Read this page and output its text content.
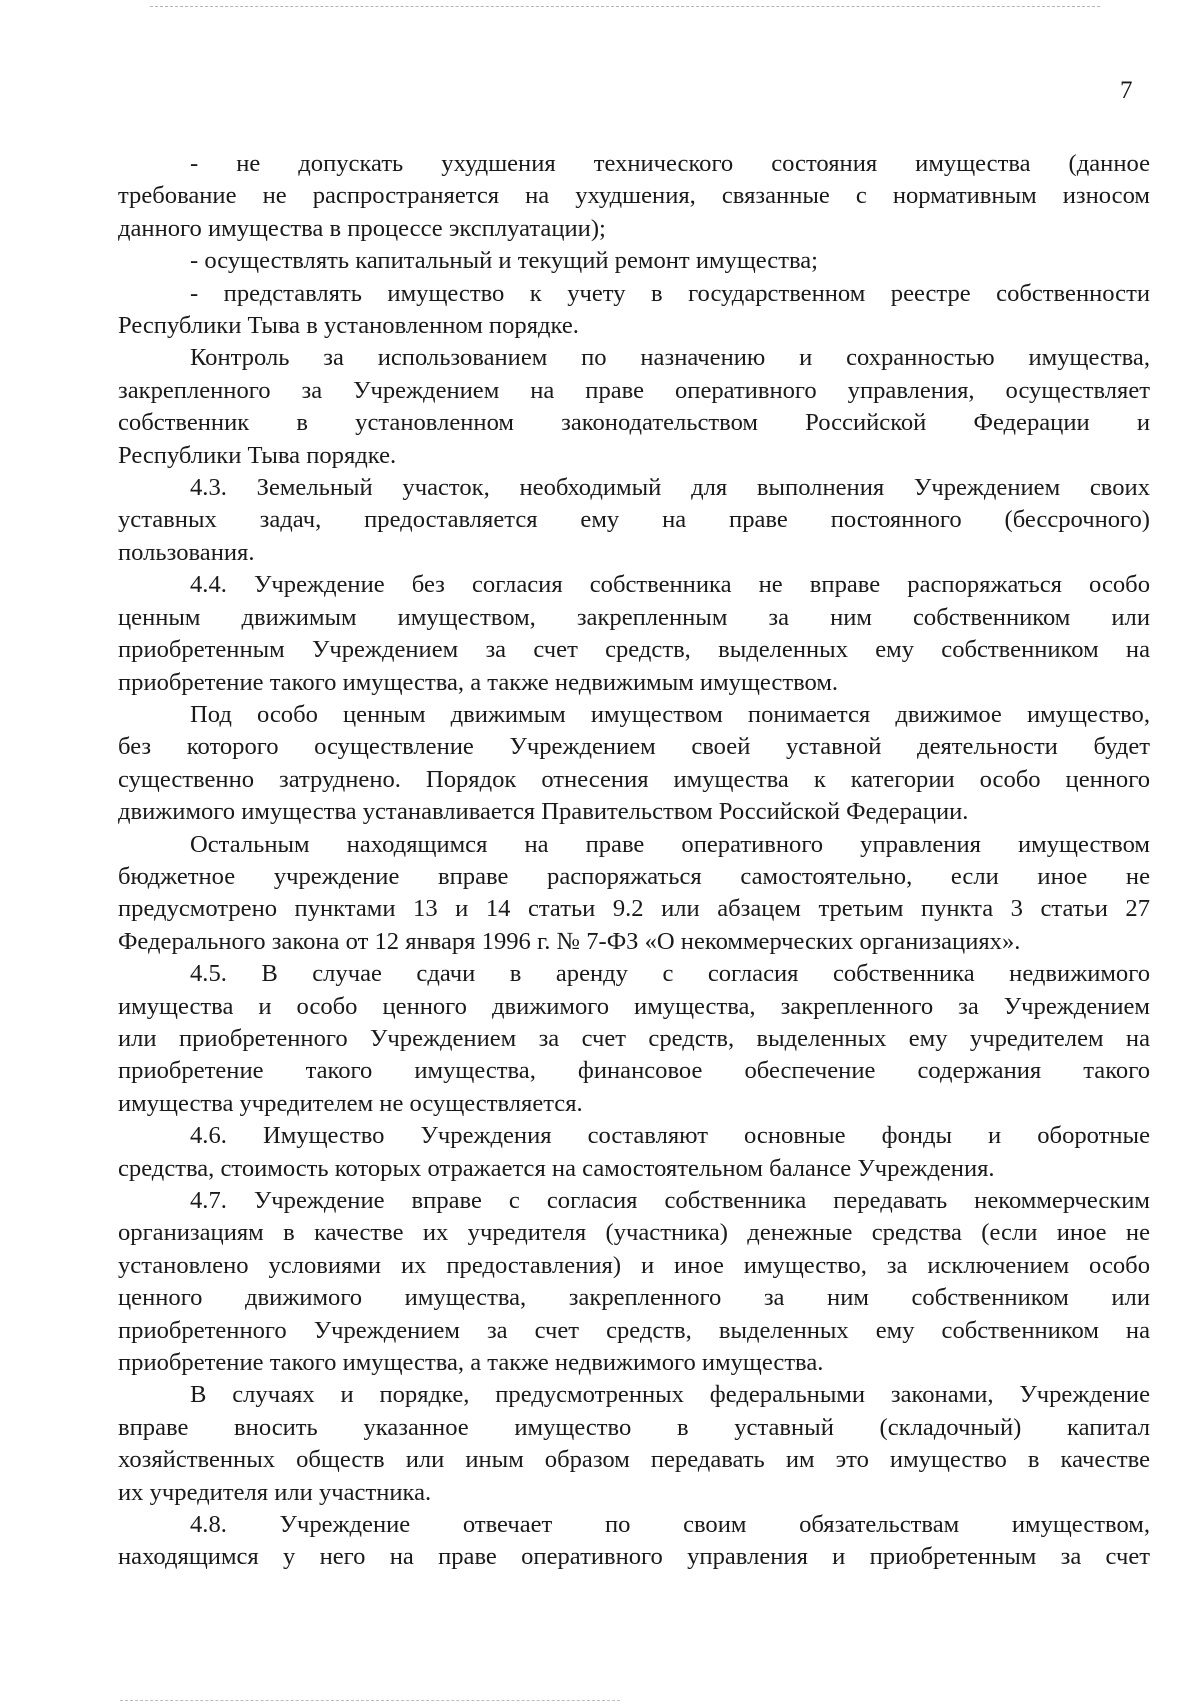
7

- не допускать ухудшения технического состояния имущества (данное
требование не распространяется на ухудшения, связанные с нормативным износом
данного имущества в процессе эксплуатации);

- осуществлять капитальный и текущий ремонт имущества;

- представлять имущество к учету в государственном реестре собственности
Республики Тыва в установленном порядке.

Контроль за использованием по назначению и сохранностью имущества,
закрепленного за Учреждением на праве оперативного управления, осуществляет
собственник в установленном законодательством Российской Федерации и
Республики Тыва порядке.

4.3. Земельный участок, необходимый для выполнения Учреждением своих
уставных задач, предоставляется ему на праве постоянного (бессрочного)
пользования.

4.4. Учреждение без согласия собственника не вправе распоряжаться особо
ценным движимым имуществом, закрепленным за ним собственником или
приобретенным Учреждением за счет средств, выделенных ему собственником на
приобретение такого имущества, а также недвижимым имуществом.

Под особо ценным движимым имуществом понимается движимое имущество,
без которого осуществление Учреждением своей уставной деятельности будет
существенно затруднено. Порядок отнесения имущества к категории особо ценного
движимого имущества устанавливается Правительством Российской Федерации.

Остальным находящимся на праве оперативного управления имуществом
бюджетное учреждение вправе распоряжаться самостоятельно, если иное не
предусмотрено пунктами 13 и 14 статьи 9.2 или абзацем третьим пункта 3 статьи 27
Федерального закона от 12 января 1996 г. № 7-ФЗ «О некоммерческих организациях».

4.5. В случае сдачи в аренду с согласия собственника недвижимого
имущества и особо ценного движимого имущества, закрепленного за Учреждением
или приобретенного Учреждением за счет средств, выделенных ему учредителем на
приобретение такого имущества, финансовое обеспечение содержания такого
имущества учредителем не осуществляется.

4.6. Имущество Учреждения составляют основные фонды и оборотные
средства, стоимость которых отражается на самостоятельном балансе Учреждения.

4.7. Учреждение вправе с согласия собственника передавать некоммерческим
организациям в качестве их учредителя (участника) денежные средства (если иное не
установлено условиями их предоставления) и иное имущество, за исключением особо
ценного движимого имущества, закрепленного за ним собственником или
приобретенного Учреждением за счет средств, выделенных ему собственником на
приобретение такого имущества, а также недвижимого имущества.

В случаях и порядке, предусмотренных федеральными законами, Учреждение
вправе вносить указанное имущество в уставный (складочный) капитал
хозяйственных обществ или иным образом передавать им это имущество в качестве
их учредителя или участника.

4.8. Учреждение отвечает по своим обязательствам имуществом,
находящимся у него на праве оперативного управления и приобретенным за счет
